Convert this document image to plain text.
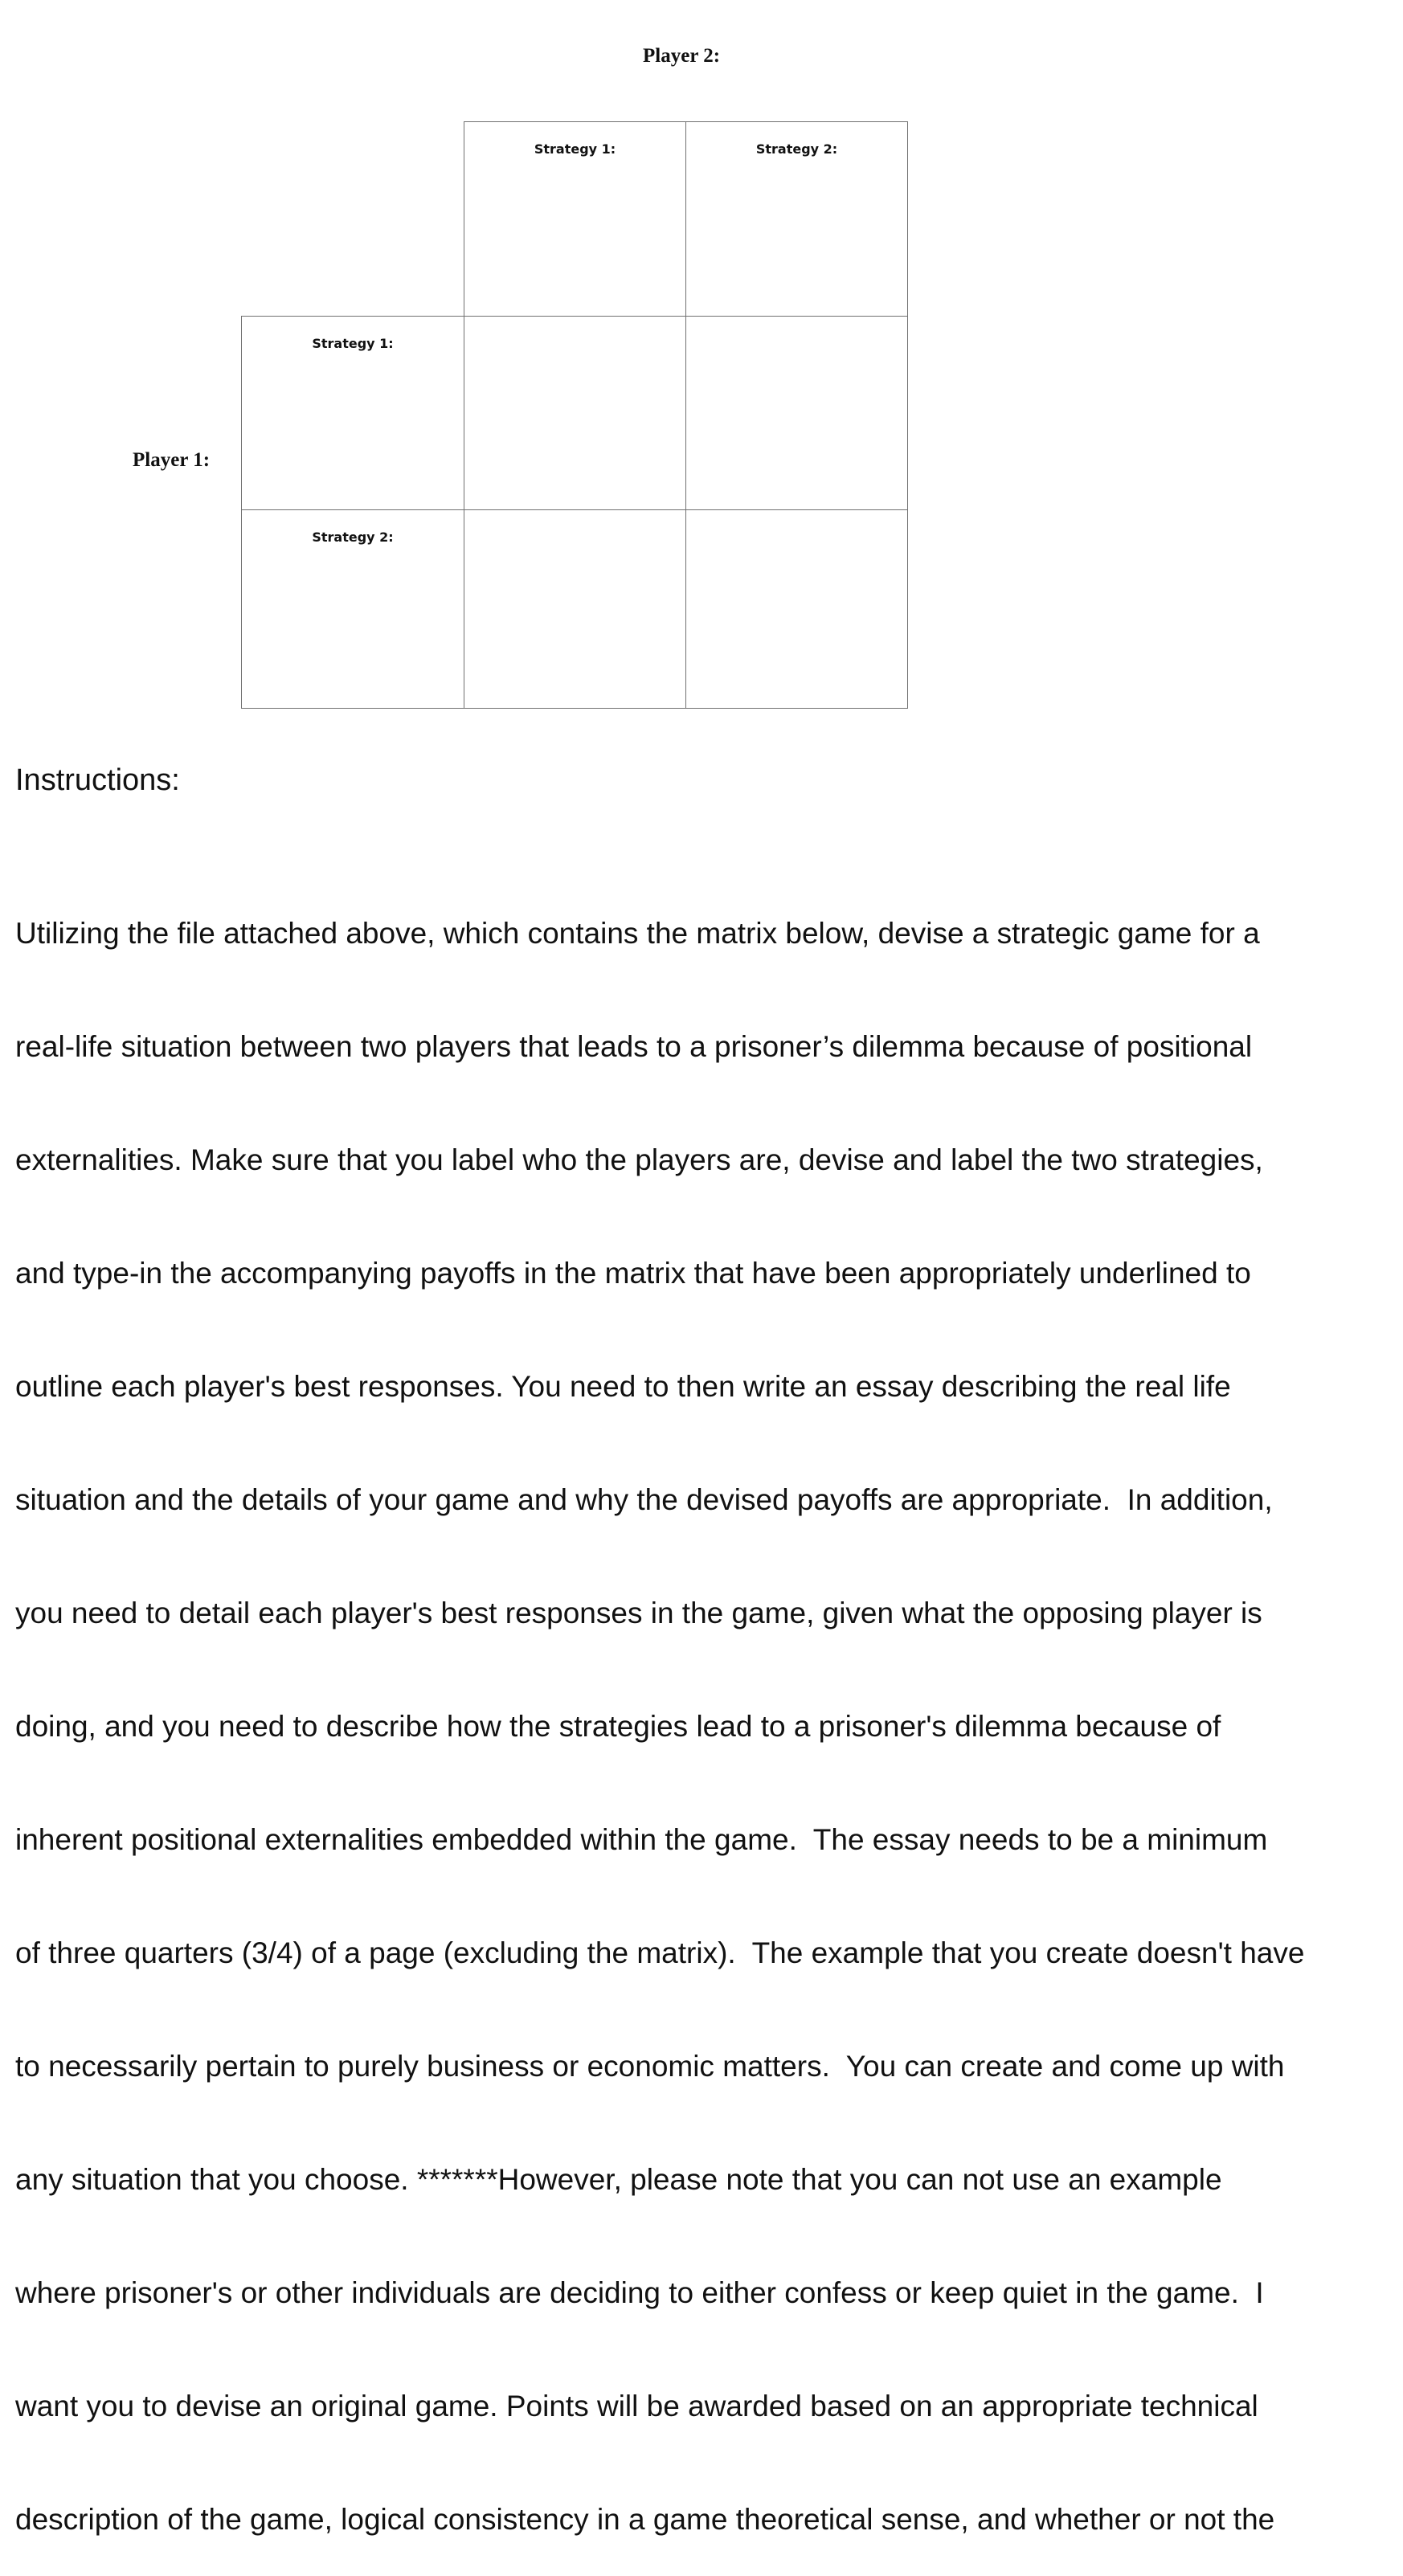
Player 2:
Player 1:
Strategy 1:	Strategy 2:
Strategy 1:
Strategy 2:
Instructions:

Utilizing the file attached above, which contains the matrix below, devise a strategic game for a

real-life situation between two players that leads to a prisoner’s dilemma because of positional

externalities. Make sure that you label who the players are, devise and label the two strategies,

and type-in the accompanying payoffs in the matrix that have been appropriately underlined to

outline each player's best responses. You need to then write an essay describing the real life

situation and the details of your game and why the devised payoffs are appropriate.  In addition,

you need to detail each player's best responses in the game, given what the opposing player is

doing, and you need to describe how the strategies lead to a prisoner's dilemma because of

inherent positional externalities embedded within the game.  The essay needs to be a minimum

of three quarters (3/4) of a page (excluding the matrix).  The example that you create doesn't have

to necessarily pertain to purely business or economic matters.  You can create and come up with

any situation that you choose. *******However, please note that you can not use an example

where prisoner's or other individuals are deciding to either confess or keep quiet in the game.  I

want you to devise an original game. Points will be awarded based on an appropriate technical

description of the game, logical consistency in a game theoretical sense, and whether or not the
